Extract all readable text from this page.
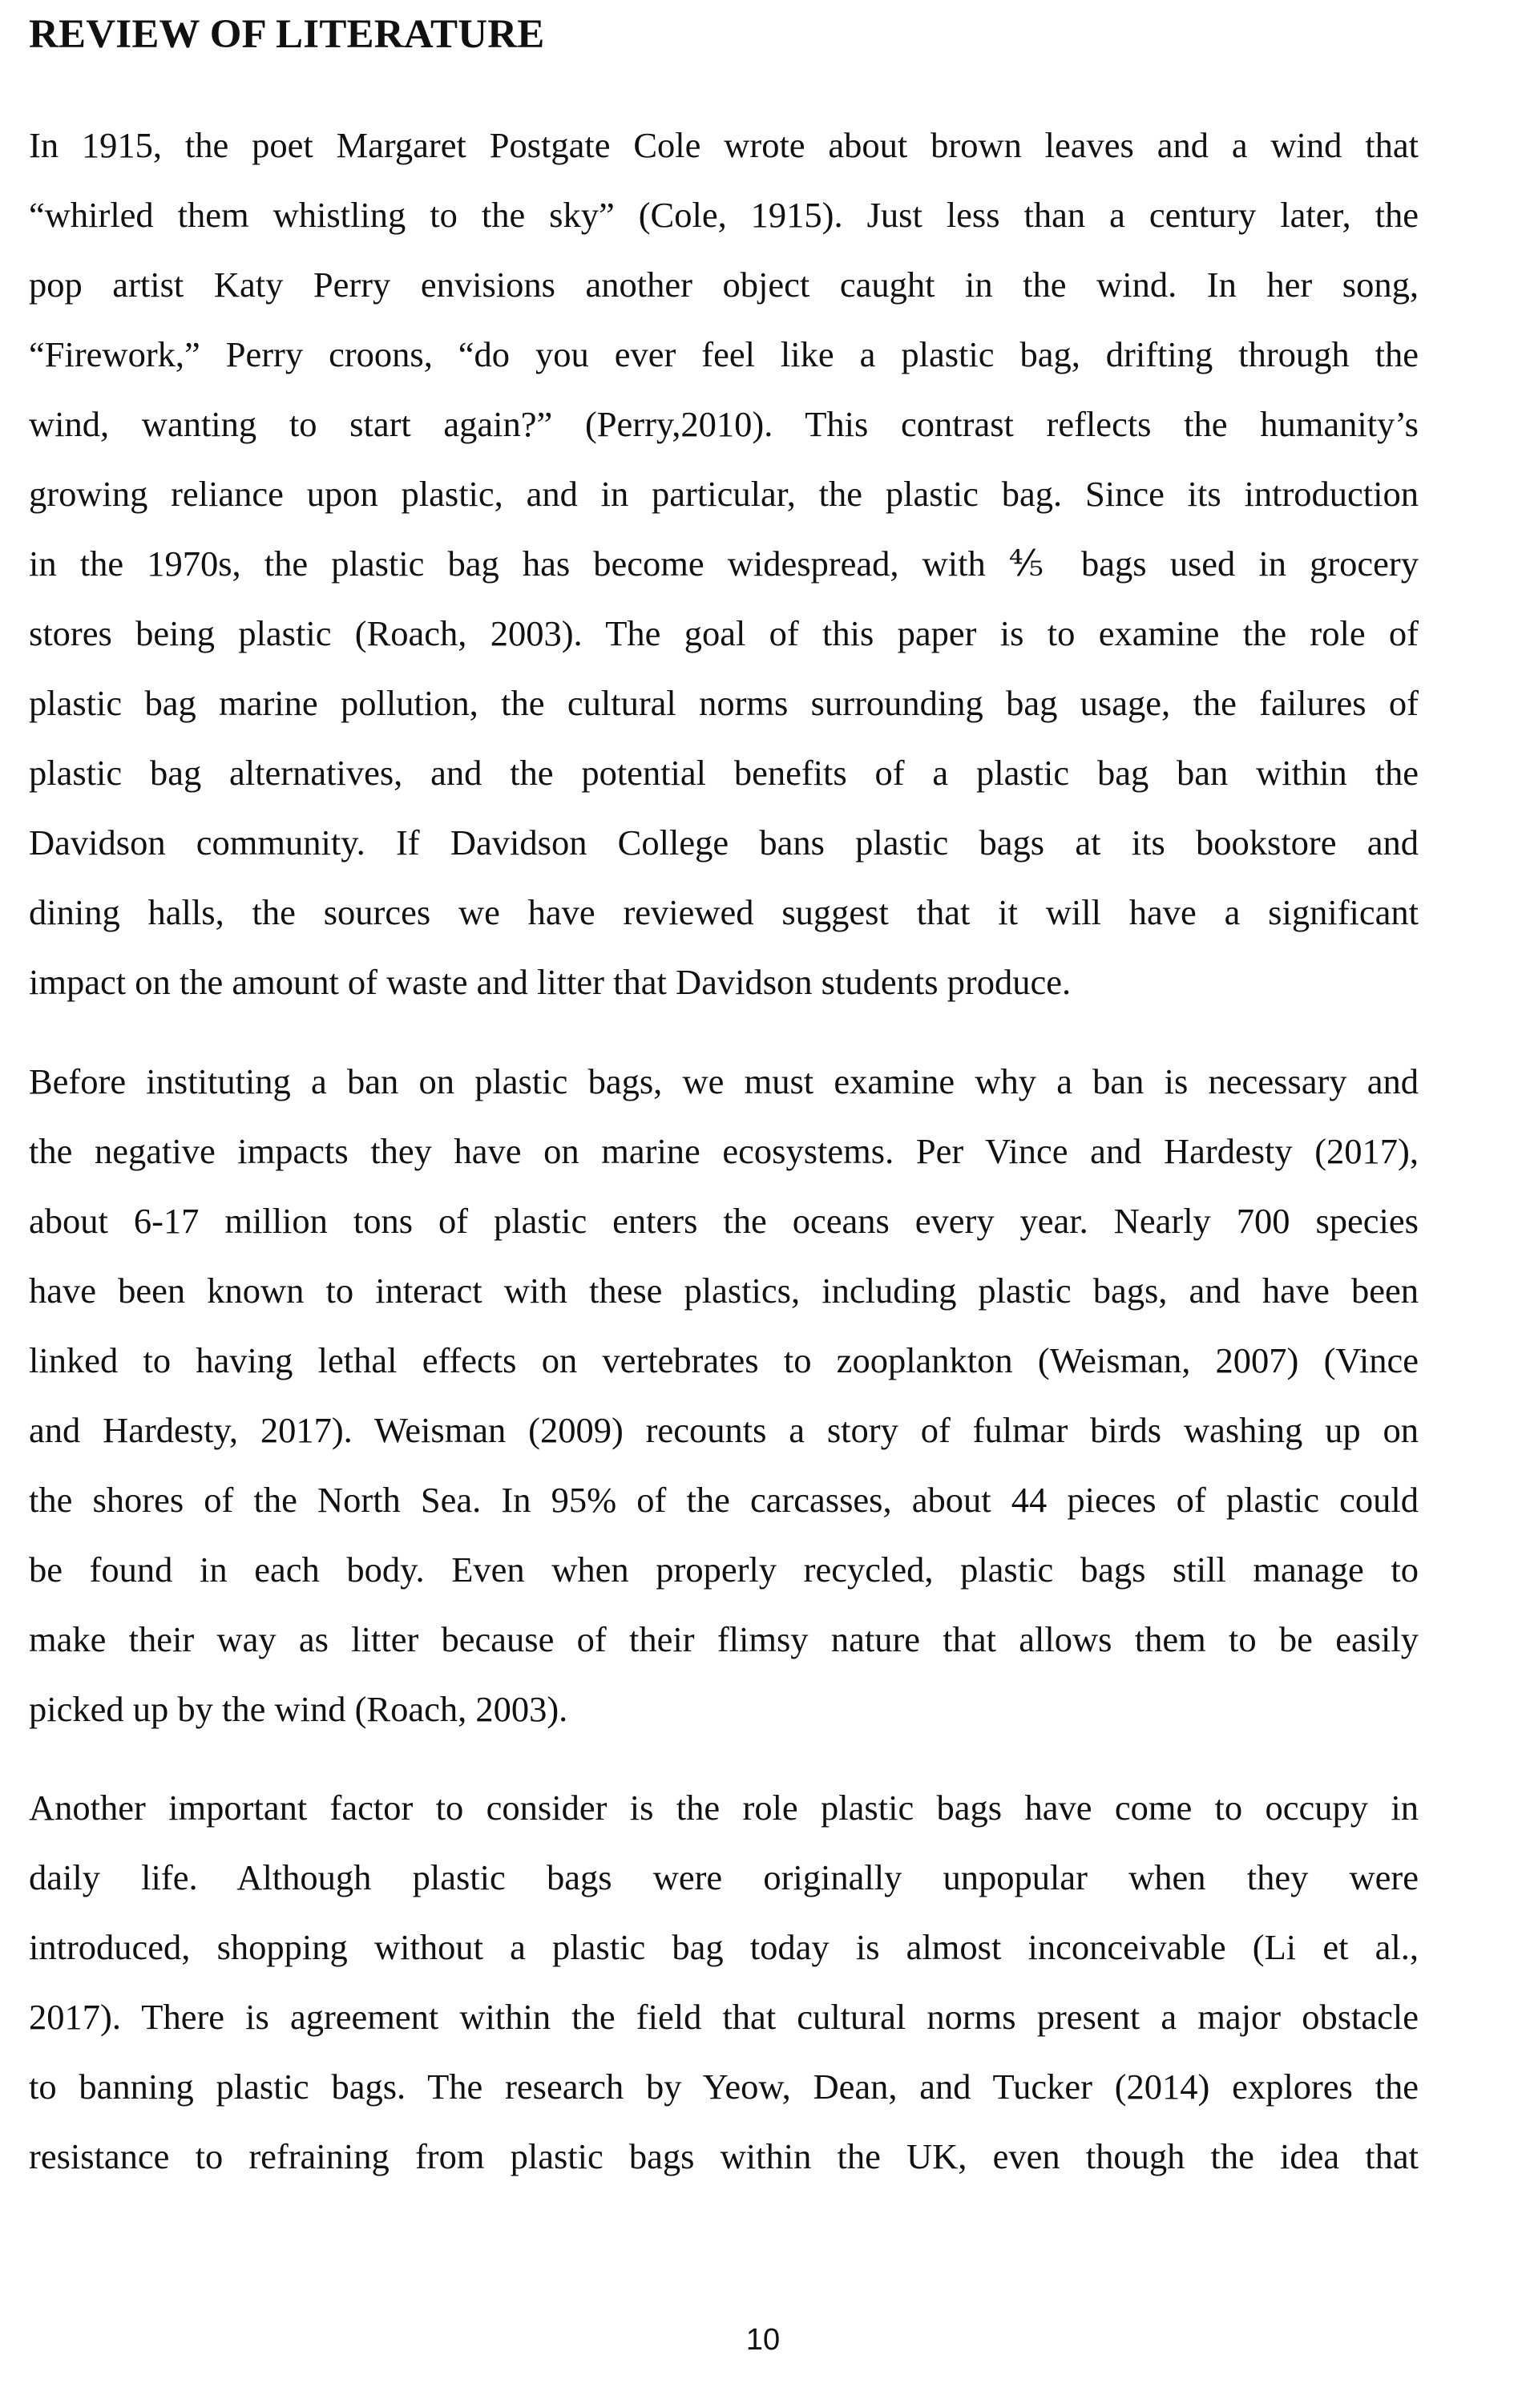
REVIEW OF LITERATURE
In 1915, the poet Margaret Postgate Cole wrote about brown leaves and a wind that
“whirled them whistling to the sky” (Cole, 1915). Just less than a century later, the
pop artist Katy Perry envisions another object caught in the wind. In her song,
“Firework,” Perry croons, “do you ever feel like a plastic bag, drifting through the
wind, wanting to start again?” (Perry,2010). This contrast reflects the humanity’s
growing reliance upon plastic, and in particular, the plastic bag. Since its introduction
in the 1970s, the plastic bag has become widespread, with ⅘ bags used in grocery
stores being plastic (Roach, 2003). The goal of this paper is to examine the role of
plastic bag marine pollution, the cultural norms surrounding bag usage, the failures of
plastic bag alternatives, and the potential benefits of a plastic bag ban within the
Davidson community. If Davidson College bans plastic bags at its bookstore and
dining halls, the sources we have reviewed suggest that it will have a significant
impact on the amount of waste and litter that Davidson students produce.
Before instituting a ban on plastic bags, we must examine why a ban is necessary and
the negative impacts they have on marine ecosystems. Per Vince and Hardesty (2017),
about 6-17 million tons of plastic enters the oceans every year. Nearly 700 species
have been known to interact with these plastics, including plastic bags, and have been
linked to having lethal effects on vertebrates to zooplankton (Weisman, 2007) (Vince
and Hardesty, 2017). Weisman (2009) recounts a story of fulmar birds washing up on
the shores of the North Sea. In 95% of the carcasses, about 44 pieces of plastic could
be found in each body. Even when properly recycled, plastic bags still manage to
make their way as litter because of their flimsy nature that allows them to be easily
picked up by the wind (Roach, 2003).
Another important factor to consider is the role plastic bags have come to occupy in
daily life. Although plastic bags were originally unpopular when they were
introduced, shopping without a plastic bag today is almost inconceivable (Li et al.,
2017). There is agreement within the field that cultural norms present a major obstacle
to banning plastic bags. The research by Yeow, Dean, and Tucker (2014) explores the
resistance to refraining from plastic bags within the UK, even though the idea that
10
